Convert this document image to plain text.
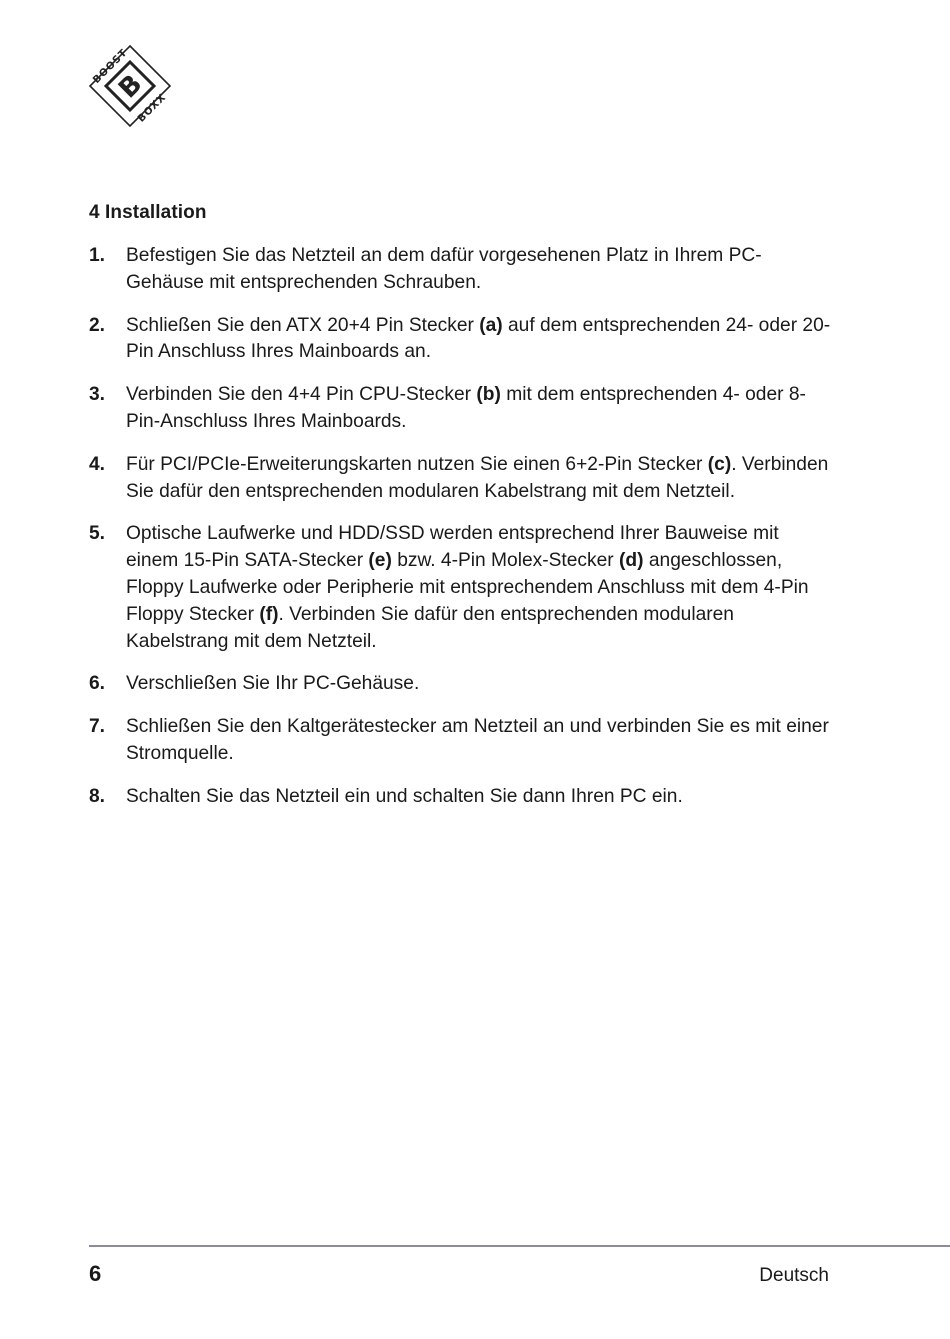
B
BOOST
BOXX
4 Installation
1.	Befestigen Sie das Netzteil an dem dafür vorgesehenen Platz in Ihrem PC-Gehäuse mit entsprechenden Schrauben.
2.	Schließen Sie den ATX 20+4 Pin Stecker (a) auf dem entsprechenden 24- oder 20-Pin Anschluss Ihres Mainboards an.
3.	Verbinden Sie den 4+4 Pin CPU-Stecker (b) mit dem entsprechenden 4- oder 8-Pin-Anschluss Ihres Mainboards.
4.	Für PCI/PCIe-Erweiterungskarten nutzen Sie einen 6+2-Pin Stecker (c). Verbinden Sie dafür den entsprechenden modularen Kabelstrang mit dem Netzteil.
5.	Optische Laufwerke und HDD/SSD werden entsprechend Ihrer Bauweise mit einem 15-Pin SATA-Stecker (e) bzw. 4-Pin Molex-Stecker (d) angeschlossen, Floppy Laufwerke oder Peripherie mit entsprechendem Anschluss mit dem 4-Pin Floppy Stecker (f). Verbinden Sie dafür den entsprechenden modularen Kabelstrang mit dem Netzteil.
6.	Verschließen Sie Ihr PC-Gehäuse.
7.	Schließen Sie den Kaltgerätestecker am Netzteil an und verbinden Sie es mit einer Stromquelle.
8.	Schalten Sie das Netzteil ein und schalten Sie dann Ihren PC ein.
6	Deutsch
